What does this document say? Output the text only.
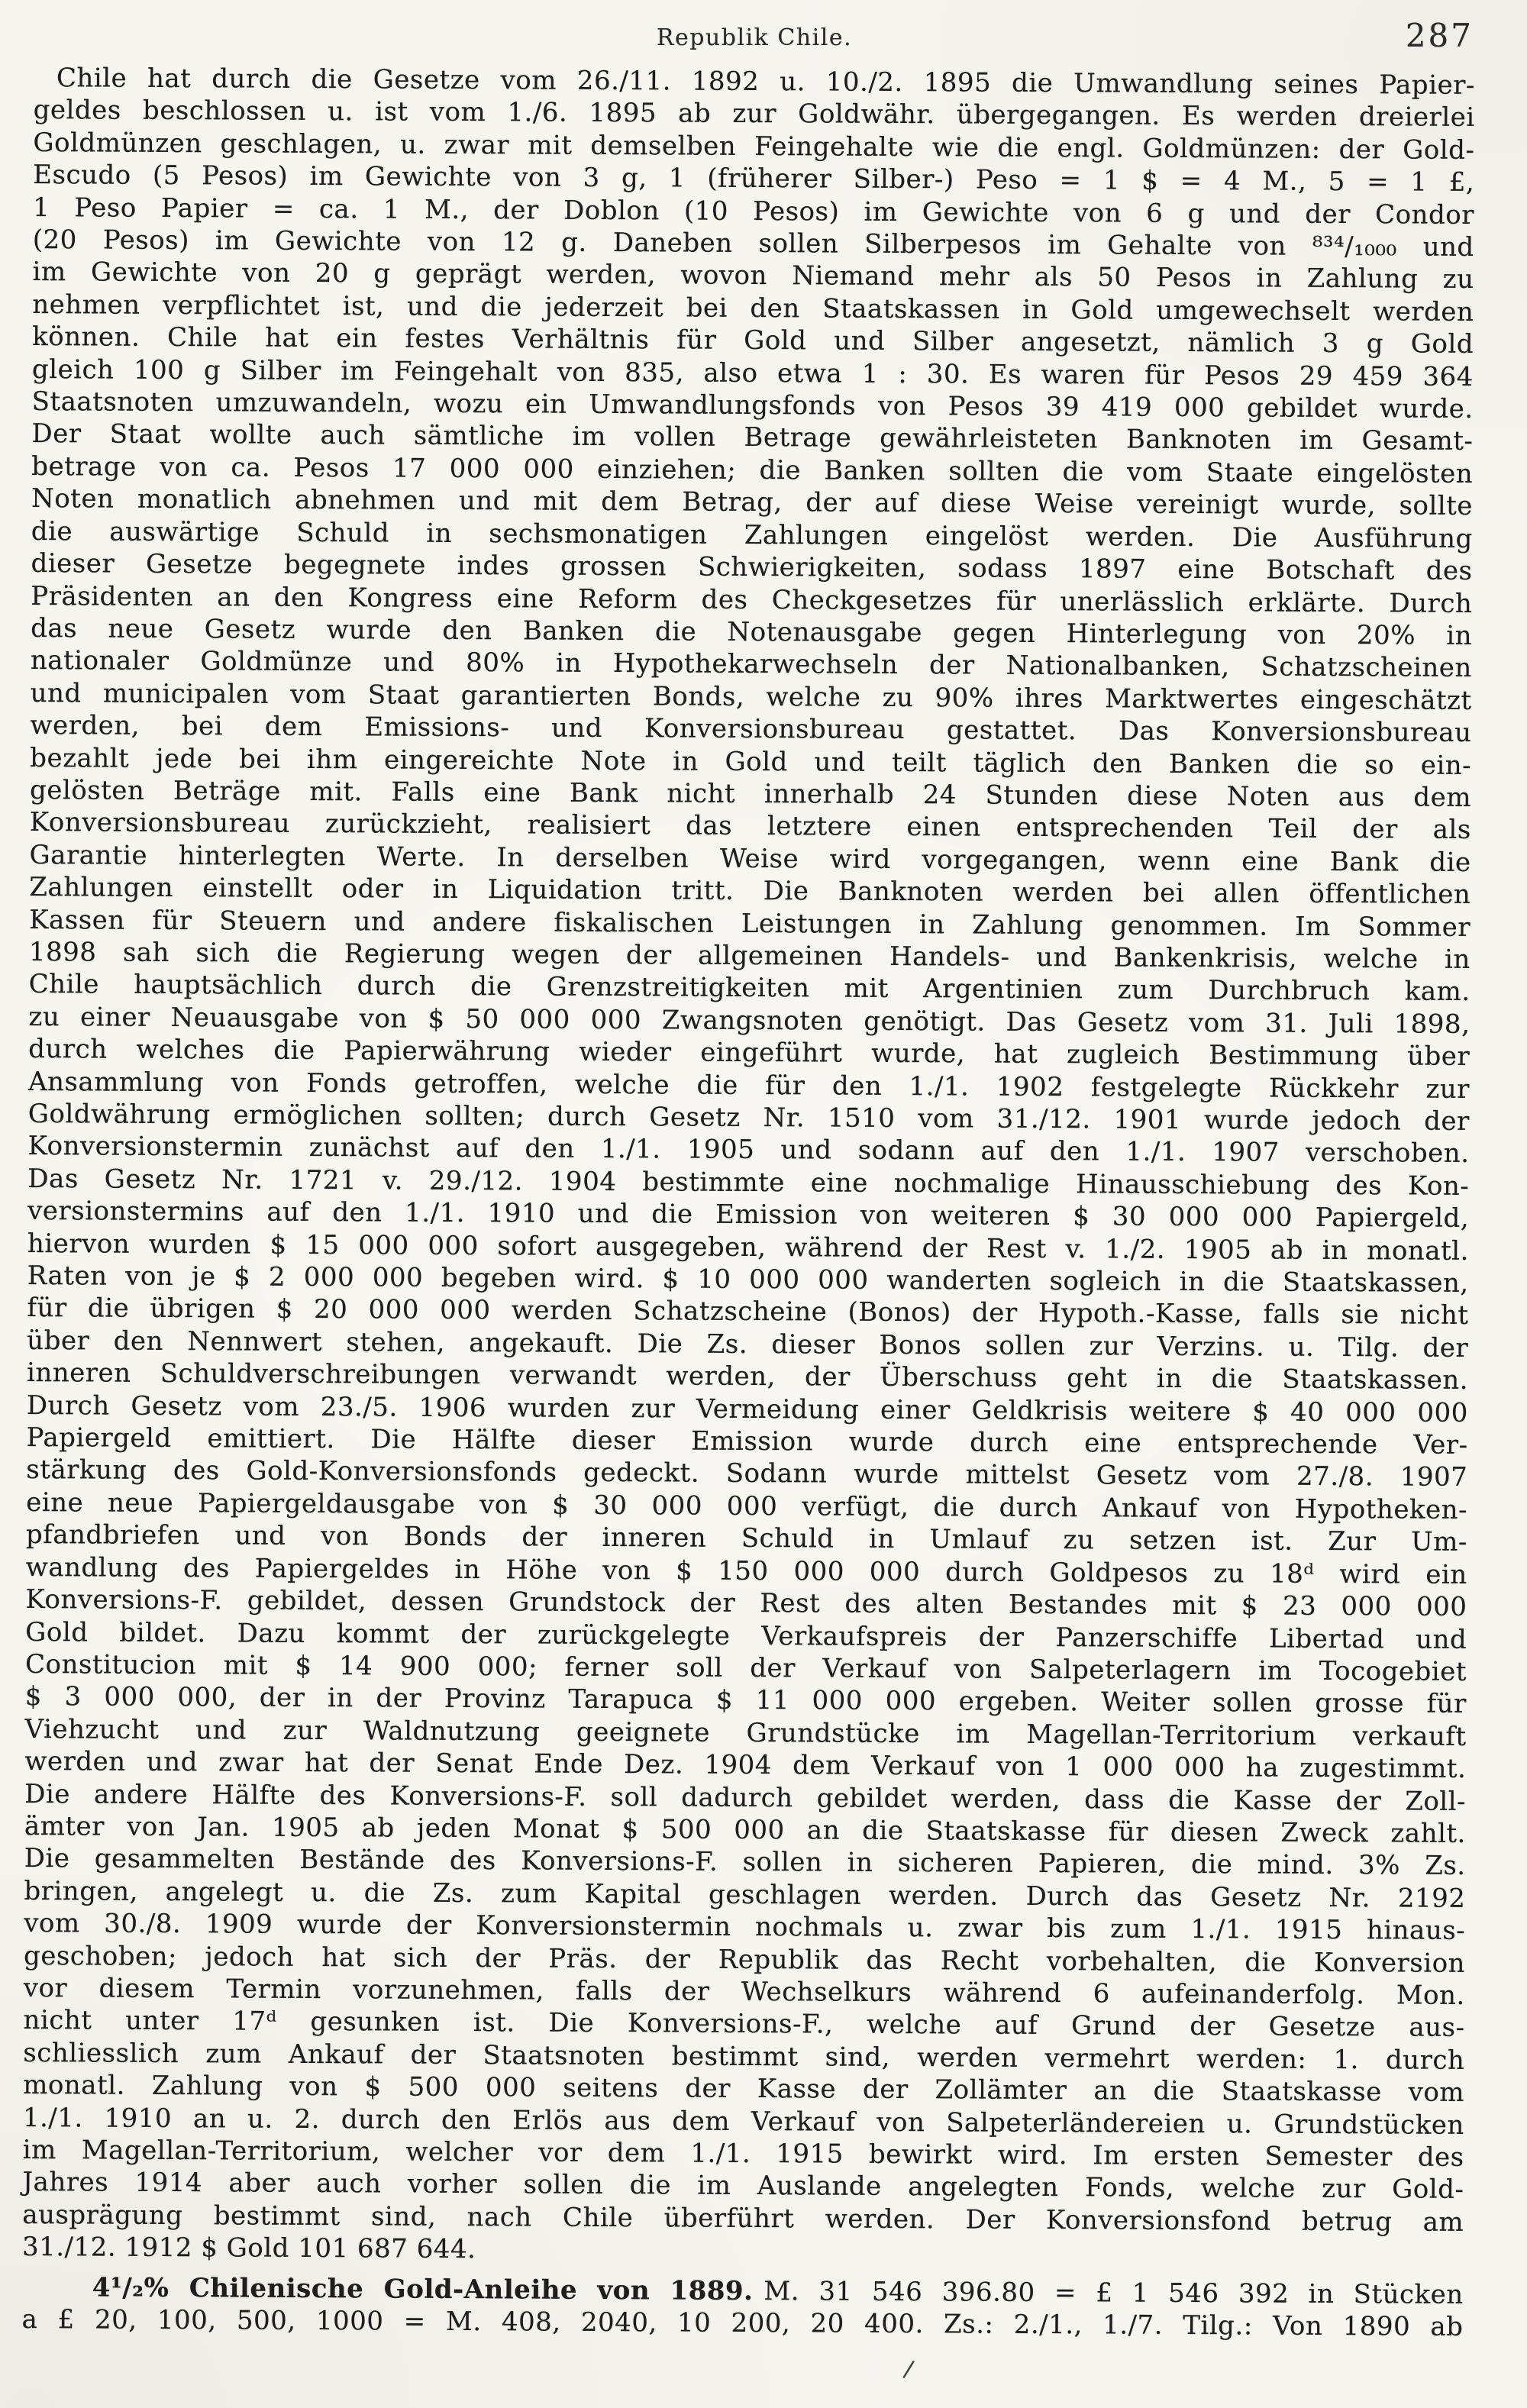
287
Republik Chile.
Chile hat durch die Gesetze vom 26./11. 1892 u. 10./2. 1895 die Umwandlung seines Papier-
geldes beschlossen u. ist vom 1./6. 1895 ab zur Goldwähr. übergegangen. Es werden dreierlei
Goldmünzen geschlagen, u. zwar mit demselben Feingehalte wie die engl. Goldmünzen: der Gold-
Escudo (5 Pesos) im Gewichte von 3 g, 1 (früherer Silber-) Peso = 1 $ = 4 M., 5 = 1 £,
1 Peso Papier = ca. 1 M., der Doblon (10 Pesos) im Gewichte von 6 g und der Condor
(20 Pesos) im Gewichte von 12 g. Daneben sollen Silberpesos im Gehalte von ⁸³⁴/₁₀₀₀ und
im Gewichte von 20 g geprägt werden, wovon Niemand mehr als 50 Pesos in Zahlung zu
nehmen verpflichtet ist, und die jederzeit bei den Staatskassen in Gold umgewechselt werden
können. Chile hat ein festes Verhältnis für Gold und Silber angesetzt, nämlich 3 g Gold
gleich 100 g Silber im Feingehalt von 835, also etwa 1 : 30. Es waren für Pesos 29 459 364
Staatsnoten umzuwandeln, wozu ein Umwandlungsfonds von Pesos 39 419 000 gebildet wurde.
Der Staat wollte auch sämtliche im vollen Betrage gewährleisteten Banknoten im Gesamt-
betrage von ca. Pesos 17 000 000 einziehen; die Banken sollten die vom Staate eingelösten
Noten monatlich abnehmen und mit dem Betrag, der auf diese Weise vereinigt wurde, sollte
die auswärtige Schuld in sechsmonatigen Zahlungen eingelöst werden. Die Ausführung
dieser Gesetze begegnete indes grossen Schwierigkeiten, sodass 1897 eine Botschaft des
Präsidenten an den Kongress eine Reform des Checkgesetzes für unerlässlich erklärte. Durch
das neue Gesetz wurde den Banken die Notenausgabe gegen Hinterlegung von 20% in
nationaler Goldmünze und 80% in Hypothekarwechseln der Nationalbanken, Schatzscheinen
und municipalen vom Staat garantierten Bonds, welche zu 90% ihres Marktwertes eingeschätzt
werden, bei dem Emissions- und Konversionsbureau gestattet. Das Konversionsbureau
bezahlt jede bei ihm eingereichte Note in Gold und teilt täglich den Banken die so ein-
gelösten Beträge mit. Falls eine Bank nicht innerhalb 24 Stunden diese Noten aus dem
Konversionsbureau zurückzieht, realisiert das letztere einen entsprechenden Teil der als
Garantie hinterlegten Werte. In derselben Weise wird vorgegangen, wenn eine Bank die
Zahlungen einstellt oder in Liquidation tritt. Die Banknoten werden bei allen öffentlichen
Kassen für Steuern und andere fiskalischen Leistungen in Zahlung genommen. Im Sommer
1898 sah sich die Regierung wegen der allgemeinen Handels- und Bankenkrisis, welche in
Chile hauptsächlich durch die Grenzstreitigkeiten mit Argentinien zum Durchbruch kam.
zu einer Neuausgabe von $ 50 000 000 Zwangsnoten genötigt. Das Gesetz vom 31. Juli 1898,
durch welches die Papierwährung wieder eingeführt wurde, hat zugleich Bestimmung über
Ansammlung von Fonds getroffen, welche die für den 1./1. 1902 festgelegte Rückkehr zur
Goldwährung ermöglichen sollten; durch Gesetz Nr. 1510 vom 31./12. 1901 wurde jedoch der
Konversionstermin zunächst auf den 1./1. 1905 und sodann auf den 1./1. 1907 verschoben.
Das Gesetz Nr. 1721 v. 29./12. 1904 bestimmte eine nochmalige Hinausschiebung des Kon-
versionstermins auf den 1./1. 1910 und die Emission von weiteren $ 30 000 000 Papiergeld,
hiervon wurden $ 15 000 000 sofort ausgegeben, während der Rest v. 1./2. 1905 ab in monatl.
Raten von je $ 2 000 000 begeben wird. $ 10 000 000 wanderten sogleich in die Staatskassen,
für die übrigen $ 20 000 000 werden Schatzscheine (Bonos) der Hypoth.-Kasse, falls sie nicht
über den Nennwert stehen, angekauft. Die Zs. dieser Bonos sollen zur Verzins. u. Tilg. der
inneren Schuldverschreibungen verwandt werden, der Überschuss geht in die Staatskassen.
Durch Gesetz vom 23./5. 1906 wurden zur Vermeidung einer Geldkrisis weitere $ 40 000 000
Papiergeld emittiert. Die Hälfte dieser Emission wurde durch eine entsprechende Ver-
stärkung des Gold-Konversionsfonds gedeckt. Sodann wurde mittelst Gesetz vom 27./8. 1907
eine neue Papiergeldausgabe von $ 30 000 000 verfügt, die durch Ankauf von Hypotheken-
pfandbriefen und von Bonds der inneren Schuld in Umlauf zu setzen ist. Zur Um-
wandlung des Papiergeldes in Höhe von $ 150 000 000 durch Goldpesos zu 18ᵈ wird ein
Konversions-F. gebildet, dessen Grundstock der Rest des alten Bestandes mit $ 23 000 000
Gold bildet. Dazu kommt der zurückgelegte Verkaufspreis der Panzerschiffe Libertad und
Constitucion mit $ 14 900 000; ferner soll der Verkauf von Salpeterlagern im Tocogebiet
$ 3 000 000, der in der Provinz Tarapuca $ 11 000 000 ergeben. Weiter sollen grosse für
Viehzucht und zur Waldnutzung geeignete Grundstücke im Magellan-Territorium verkauft
werden und zwar hat der Senat Ende Dez. 1904 dem Verkauf von 1 000 000 ha zugestimmt.
Die andere Hälfte des Konversions-F. soll dadurch gebildet werden, dass die Kasse der Zoll-
ämter von Jan. 1905 ab jeden Monat $ 500 000 an die Staatskasse für diesen Zweck zahlt.
Die gesammelten Bestände des Konversions-F. sollen in sicheren Papieren, die mind. 3% Zs.
bringen, angelegt u. die Zs. zum Kapital geschlagen werden. Durch das Gesetz Nr. 2192
vom 30./8. 1909 wurde der Konversionstermin nochmals u. zwar bis zum 1./1. 1915 hinaus-
geschoben; jedoch hat sich der Präs. der Republik das Recht vorbehalten, die Konversion
vor diesem Termin vorzunehmen, falls der Wechselkurs während 6 aufeinanderfolg. Mon.
nicht unter 17ᵈ gesunken ist. Die Konversions-F., welche auf Grund der Gesetze aus-
schliesslich zum Ankauf der Staatsnoten bestimmt sind, werden vermehrt werden: 1. durch
monatl. Zahlung von $ 500 000 seitens der Kasse der Zollämter an die Staatskasse vom
1./1. 1910 an u. 2. durch den Erlös aus dem Verkauf von Salpeterländereien u. Grundstücken
im Magellan-Territorium, welcher vor dem 1./1. 1915 bewirkt wird. Im ersten Semester des
Jahres 1914 aber auch vorher sollen die im Auslande angelegten Fonds, welche zur Gold-
ausprägung bestimmt sind, nach Chile überführt werden. Der Konversionsfond betrug am
31./12. 1912 $ Gold 101 687 644.
4¹/₂% Chilenische Gold-Anleihe von 1889. M. 31 546 396.80 = £ 1 546 392 in Stücken
a £ 20, 100, 500, 1000 = M. 408, 2040, 10 200, 20 400. Zs.: 2./1., 1./7. Tilg.: Von 1890 ab
/
